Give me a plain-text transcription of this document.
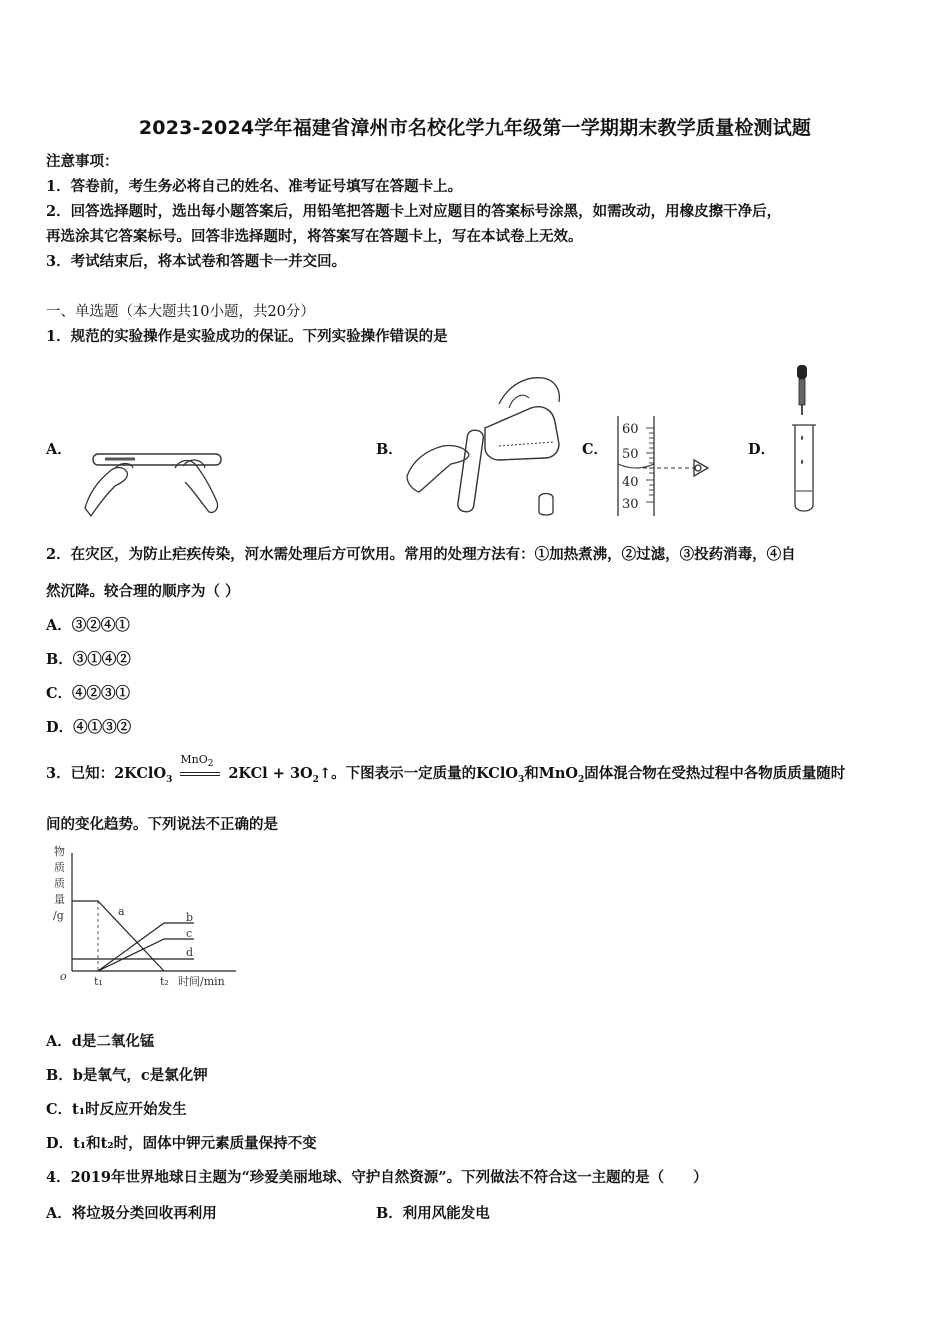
2023-2024学年福建省漳州市名校化学九年级第一学期期末教学质量检测试题
注意事项：
1．答卷前，考生务必将自己的姓名、准考证号填写在答题卡上。
2．回答选择题时，选出每小题答案后，用铅笔把答题卡上对应题目的答案标号涂黑，如需改动，用橡皮擦干净后，
再选涂其它答案标号。回答非选择题时，将答案写在答题卡上，写在本试卷上无效。
3．考试结束后，将本试卷和答题卡一并交回。
一、单选题（本大题共10小题，共20分）
1．规范的实验操作是实验成功的保证。下列实验操作错误的是
A．	B．	C．	D．
60
50
40
30
2．在灾区，为防止疟疾传染，河水需处理后方可饮用。常用的处理方法有：①加热煮沸，②过滤，③投药消毒，④自
然沉降。较合理的顺序为（ ）
A．③②④①
B．③①④②
C．④②③①
D．④①③②
3．已知：2KClO$_3$
MnO$_2$
$2KCl + 3O_2↑$。下图表示一定质量的KClO$_3$和MnO$_2$固体混合物在受热过程中各物质质量随时
间的变化趋势。下列说法不正确的是
物
质
质
量
/g
o t₁	t₂ 时间/min
a	b
c
d
A．d是二氧化锰
B．b是氧气，c是氯化钾
C．t₁时反应开始发生
D．t₁和t₂时，固体中钾元素质量保持不变
4．2019年世界地球日主题为“珍爱美丽地球、守护自然资源”。下列做法不符合这一主题的是（　　）
A．将垃圾分类回收再利用	B．利用风能发电
